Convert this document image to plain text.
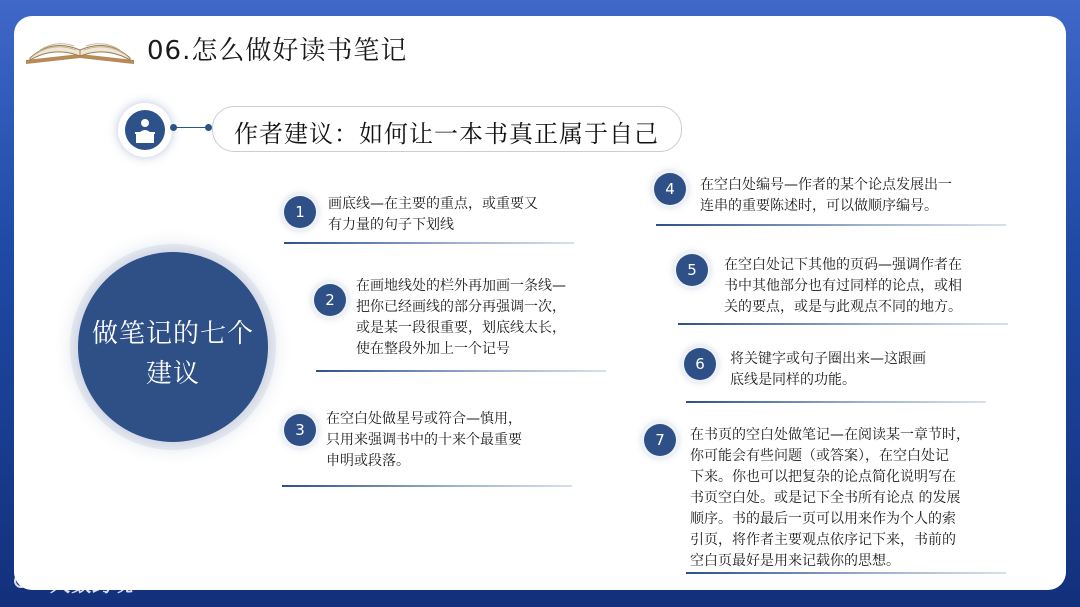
06.怎么做好读书笔记
作者建议：如何让一本书真正属于自己
做笔记的七个
建议
1	画底线—在主要的重点，或重要又
有力量的句子下划线
2
在画地线处的栏外再加画一条线—
把你已经画线的部分再强调一次，
或是某一段很重要，划底线太长，
使在整段外加上一个记号
3
在空白处做星号或符合—慎用，
只用来强调书中的十来个最重要
申明或段落。
4	在空白处编号—作者的某个论点发展出一
连串的重要陈述时，可以做顺序编号。
5	在空白处记下其他的页码—强调作者在
书中其他部分也有过同样的论点，或相
关的要点，或是与此观点不同的地方。
6	将关键字或句子圈出来—这跟画
底线是同样的功能。
7	在书页的空白处做笔记—在阅读某一章节时，
你可能会有些问题（或答案），在空白处记
下来。你也可以把复杂的论点简化说明写在
书页空白处。或是记下全书所有论点 的发展
顺序。书的最后一页可以用来作为个人的索
引页，将作者主要观点依序记下来，书前的
空白页最好是用来记载你的思想。
大数跨境
